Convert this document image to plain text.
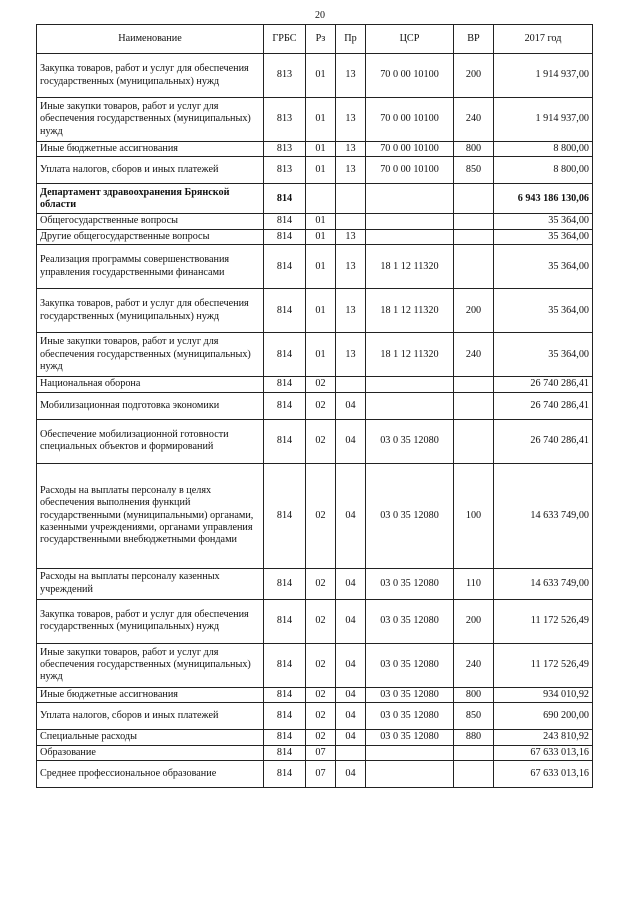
20
Наименование	ГРБС	Рз	Пр	ЦСР	ВР	2017 год
Закупка товаров, работ и услуг для обеспечения государственных (муниципальных) нужд	813	01	13	70 0 00 10100	200	1 914 937,00
Иные закупки товаров, работ и услуг для обеспечения государственных (муниципальных) нужд	813	01	13	70 0 00 10100	240	1 914 937,00
Иные бюджетные ассигнования	813	01	13	70 0 00 10100	800	8 800,00
Уплата налогов, сборов и иных платежей	813	01	13	70 0 00 10100	850	8 800,00
Департамент здравоохранения Брянской области	814					6 943 186 130,06
Общегосударственные вопросы	814	01				35 364,00
Другие общегосударственные вопросы	814	01	13			35 364,00
Реализация программы совершенствования управления государственными финансами	814	01	13	18 1 12 11320		35 364,00
Закупка товаров, работ и услуг для обеспечения государственных (муниципальных) нужд	814	01	13	18 1 12 11320	200	35 364,00
Иные закупки товаров, работ и услуг для обеспечения государственных (муниципальных) нужд	814	01	13	18 1 12 11320	240	35 364,00
Национальная оборона	814	02				26 740 286,41
Мобилизационная подготовка экономики	814	02	04			26 740 286,41
Обеспечение мобилизационной готовности специальных объектов и формирований	814	02	04	03 0 35 12080		26 740 286,41
Расходы на выплаты персоналу в целях обеспечения выполнения функций государственными (муниципальными) органами, казенными учреждениями, органами управления государственными внебюджетными фондами	814	02	04	03 0 35 12080	100	14 633 749,00
Расходы на выплаты персоналу казенных учреждений	814	02	04	03 0 35 12080	110	14 633 749,00
Закупка товаров, работ и услуг для обеспечения государственных (муниципальных) нужд	814	02	04	03 0 35 12080	200	11 172 526,49
Иные закупки товаров, работ и услуг для обеспечения государственных (муниципальных) нужд	814	02	04	03 0 35 12080	240	11 172 526,49
Иные бюджетные ассигнования	814	02	04	03 0 35 12080	800	934 010,92
Уплата налогов, сборов и иных платежей	814	02	04	03 0 35 12080	850	690 200,00
Специальные расходы	814	02	04	03 0 35 12080	880	243 810,92
Образование	814	07				67 633 013,16
Среднее профессиональное образование	814	07	04			67 633 013,16
